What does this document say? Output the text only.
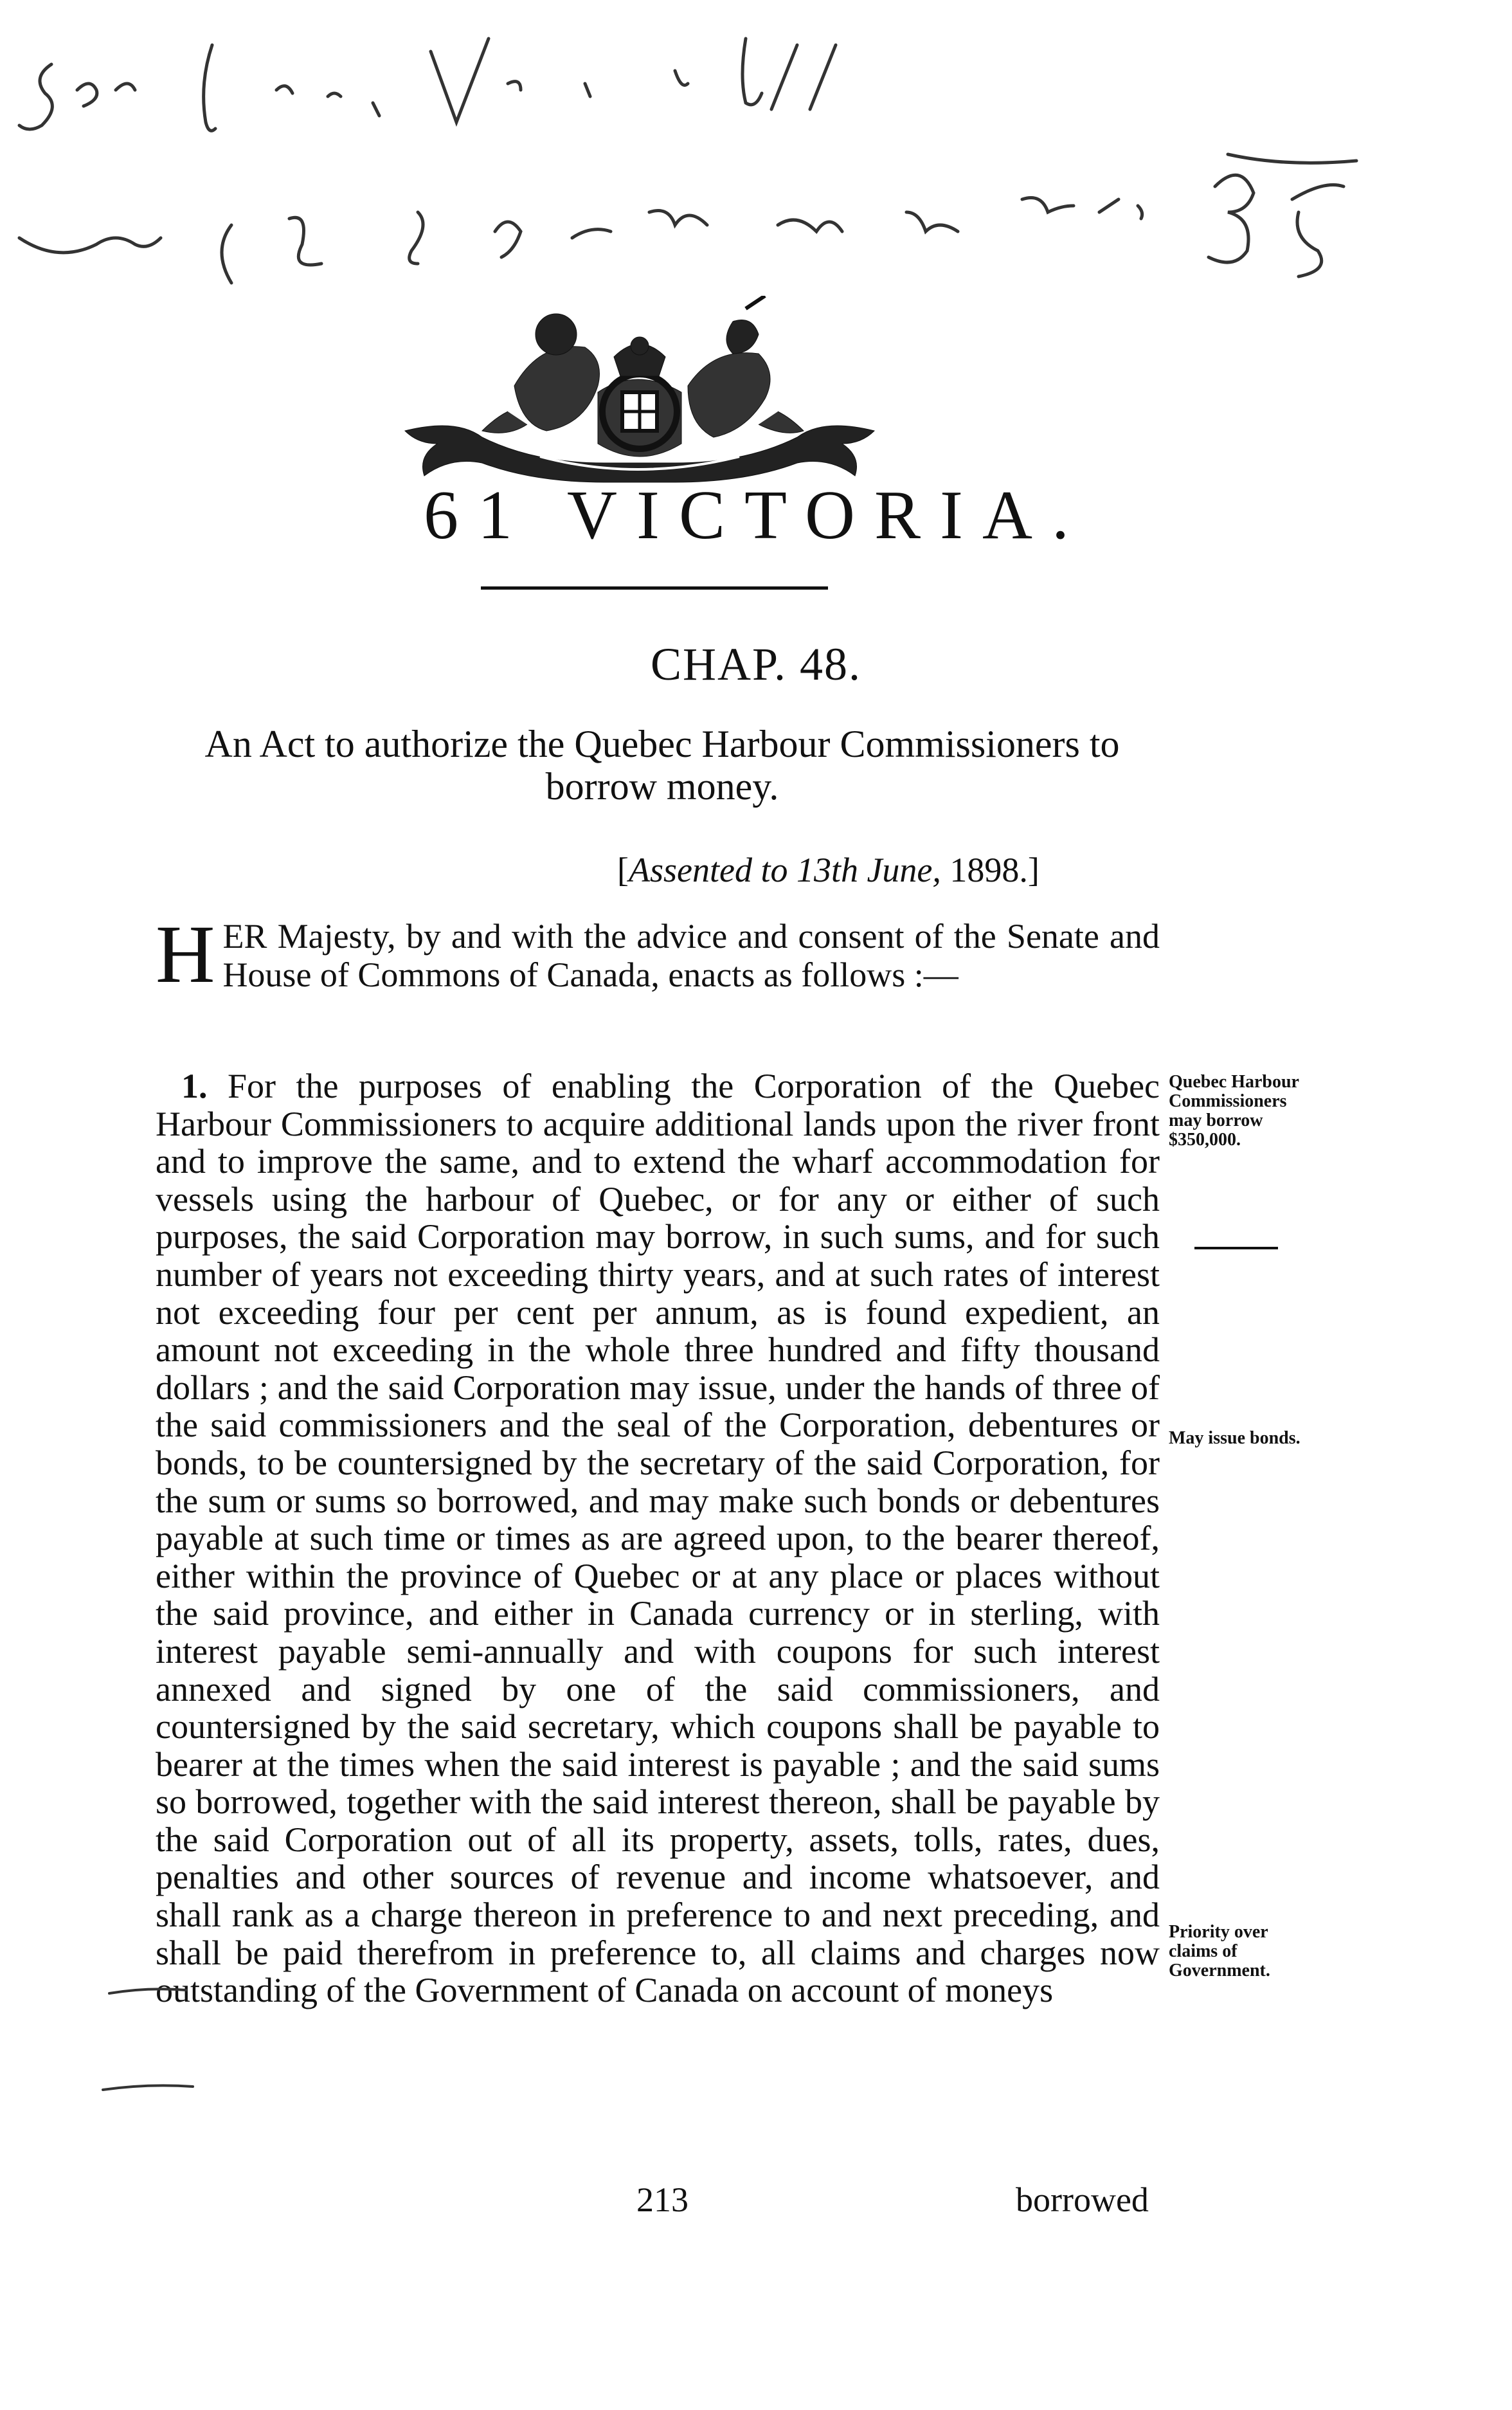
61 VICTORIA.
CHAP. 48.
An Act to authorize the Quebec Harbour Commissioners to borrow money.
[Assented to 13th June, 1898.]
H ER Majesty, by and with the advice and consent of the Senate and House of Commons of Canada, enacts as follows :—
1. For the purposes of enabling the Corporation of the Quebec Harbour Commissioners to acquire additional lands upon the river front and to improve the same, and to extend the wharf accommodation for vessels using the harbour of Quebec, or for any or either of such purposes, the said Corporation may borrow, in such sums, and for such number of years not exceeding thirty years, and at such rates of interest not exceeding four per cent per annum, as is found expedient, an amount not exceeding in the whole three hundred and fifty thousand dollars ; and the said Corporation may issue, under the hands of three of the said commissioners and the seal of the Corporation, debentures or bonds, to be countersigned by the secretary of the said Corporation, for the sum or sums so borrowed, and may make such bonds or debentures payable at such time or times as are agreed upon, to the bearer thereof, either within the province of Quebec or at any place or places without the said province, and either in Canada currency or in sterling, with interest payable semi-annually and with coupons for such interest annexed and signed by one of the said commissioners, and countersigned by the said secretary, which coupons shall be payable to bearer at the times when the said interest is payable ; and the said sums so borrowed, together with the said interest thereon, shall be payable by the said Corporation out of all its property, assets, tolls, rates, dues, penalties and other sources of revenue and income whatsoever, and shall rank as a charge thereon in preference to and next preceding, and shall be paid therefrom in preference to, all claims and charges now outstanding of the Government of Canada on account of moneys
Quebec Harbour Commissioners may borrow $350,000.
May issue bonds.
Priority over claims of Government.
213	borrowed
